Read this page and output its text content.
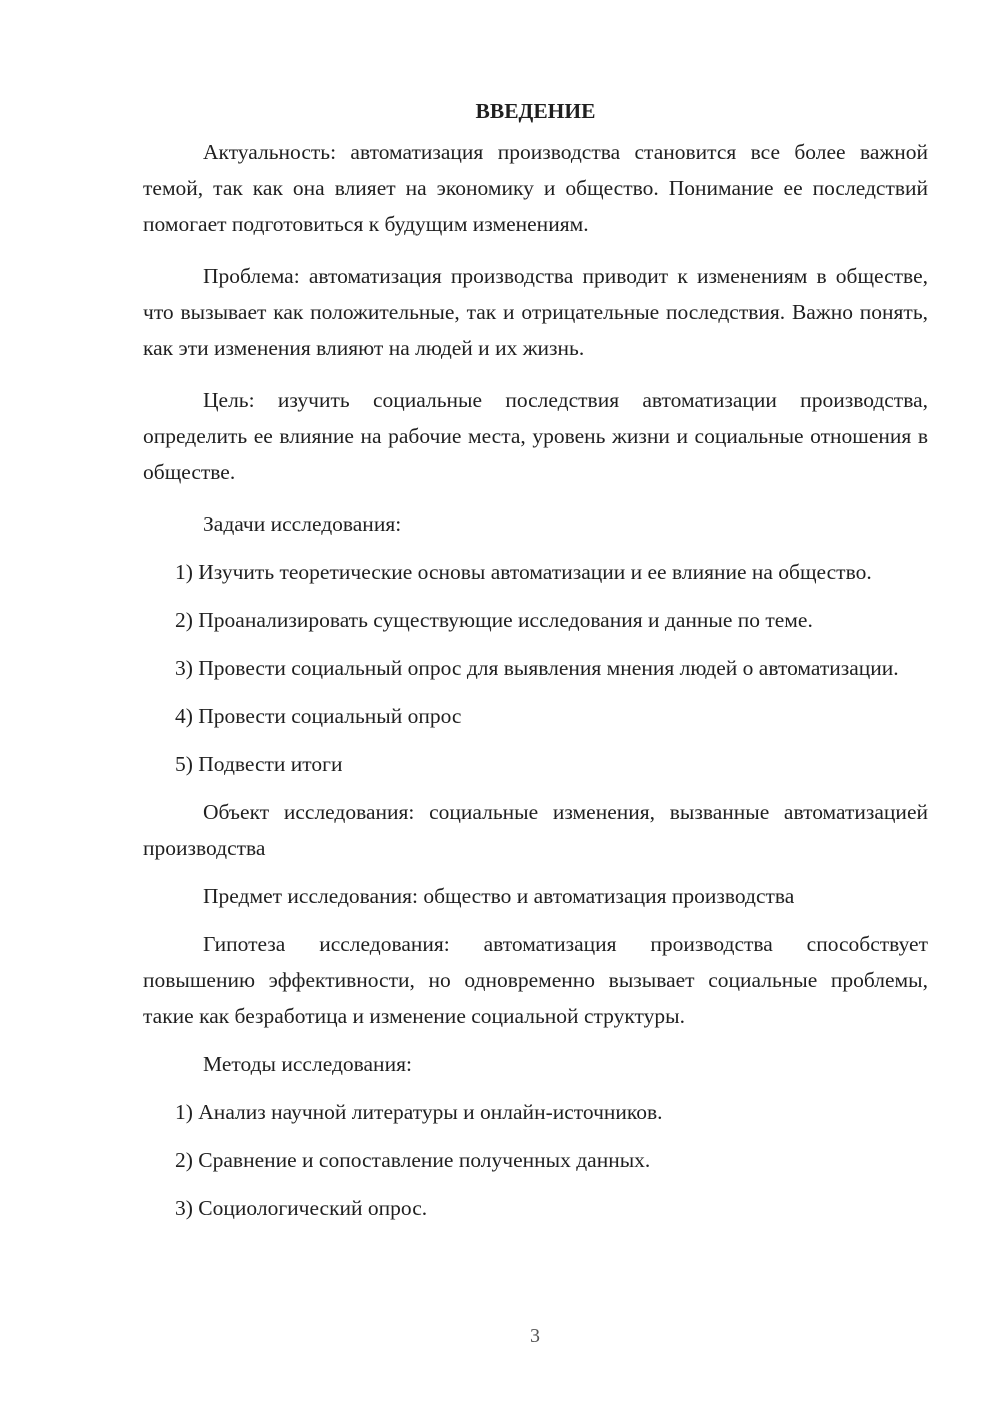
ВВЕДЕНИЕ

Актуальность: автоматизация производства становится все более важной темой, так как она влияет на экономику и общество. Понимание ее последствий помогает подготовиться к будущим изменениям.

Проблема: автоматизация производства приводит к изменениям в обществе, что вызывает как положительные, так и отрицательные последствия. Важно понять, как эти изменения влияют на людей и их жизнь.

Цель: изучить социальные последствия автоматизации производства, определить ее влияние на рабочие места, уровень жизни и социальные отношения в обществе.

Задачи исследования:

1) Изучить теоретические основы автоматизации и ее влияние на общество.

2) Проанализировать существующие исследования и данные по теме.

3) Провести социальный опрос для выявления мнения людей о автоматизации.

4) Провести социальный опрос

5) Подвести итоги

Объект исследования: социальные изменения, вызванные автоматизацией производства

Предмет исследования: общество и автоматизация производства

Гипотеза исследования: автоматизация производства способствует повышению эффективности, но одновременно вызывает социальные проблемы, такие как безработица и изменение социальной структуры.

Методы исследования:

1) Анализ научной литературы и онлайн-источников.

2) Сравнение и сопоставление полученных данных.

3) Социологический опрос.

3
